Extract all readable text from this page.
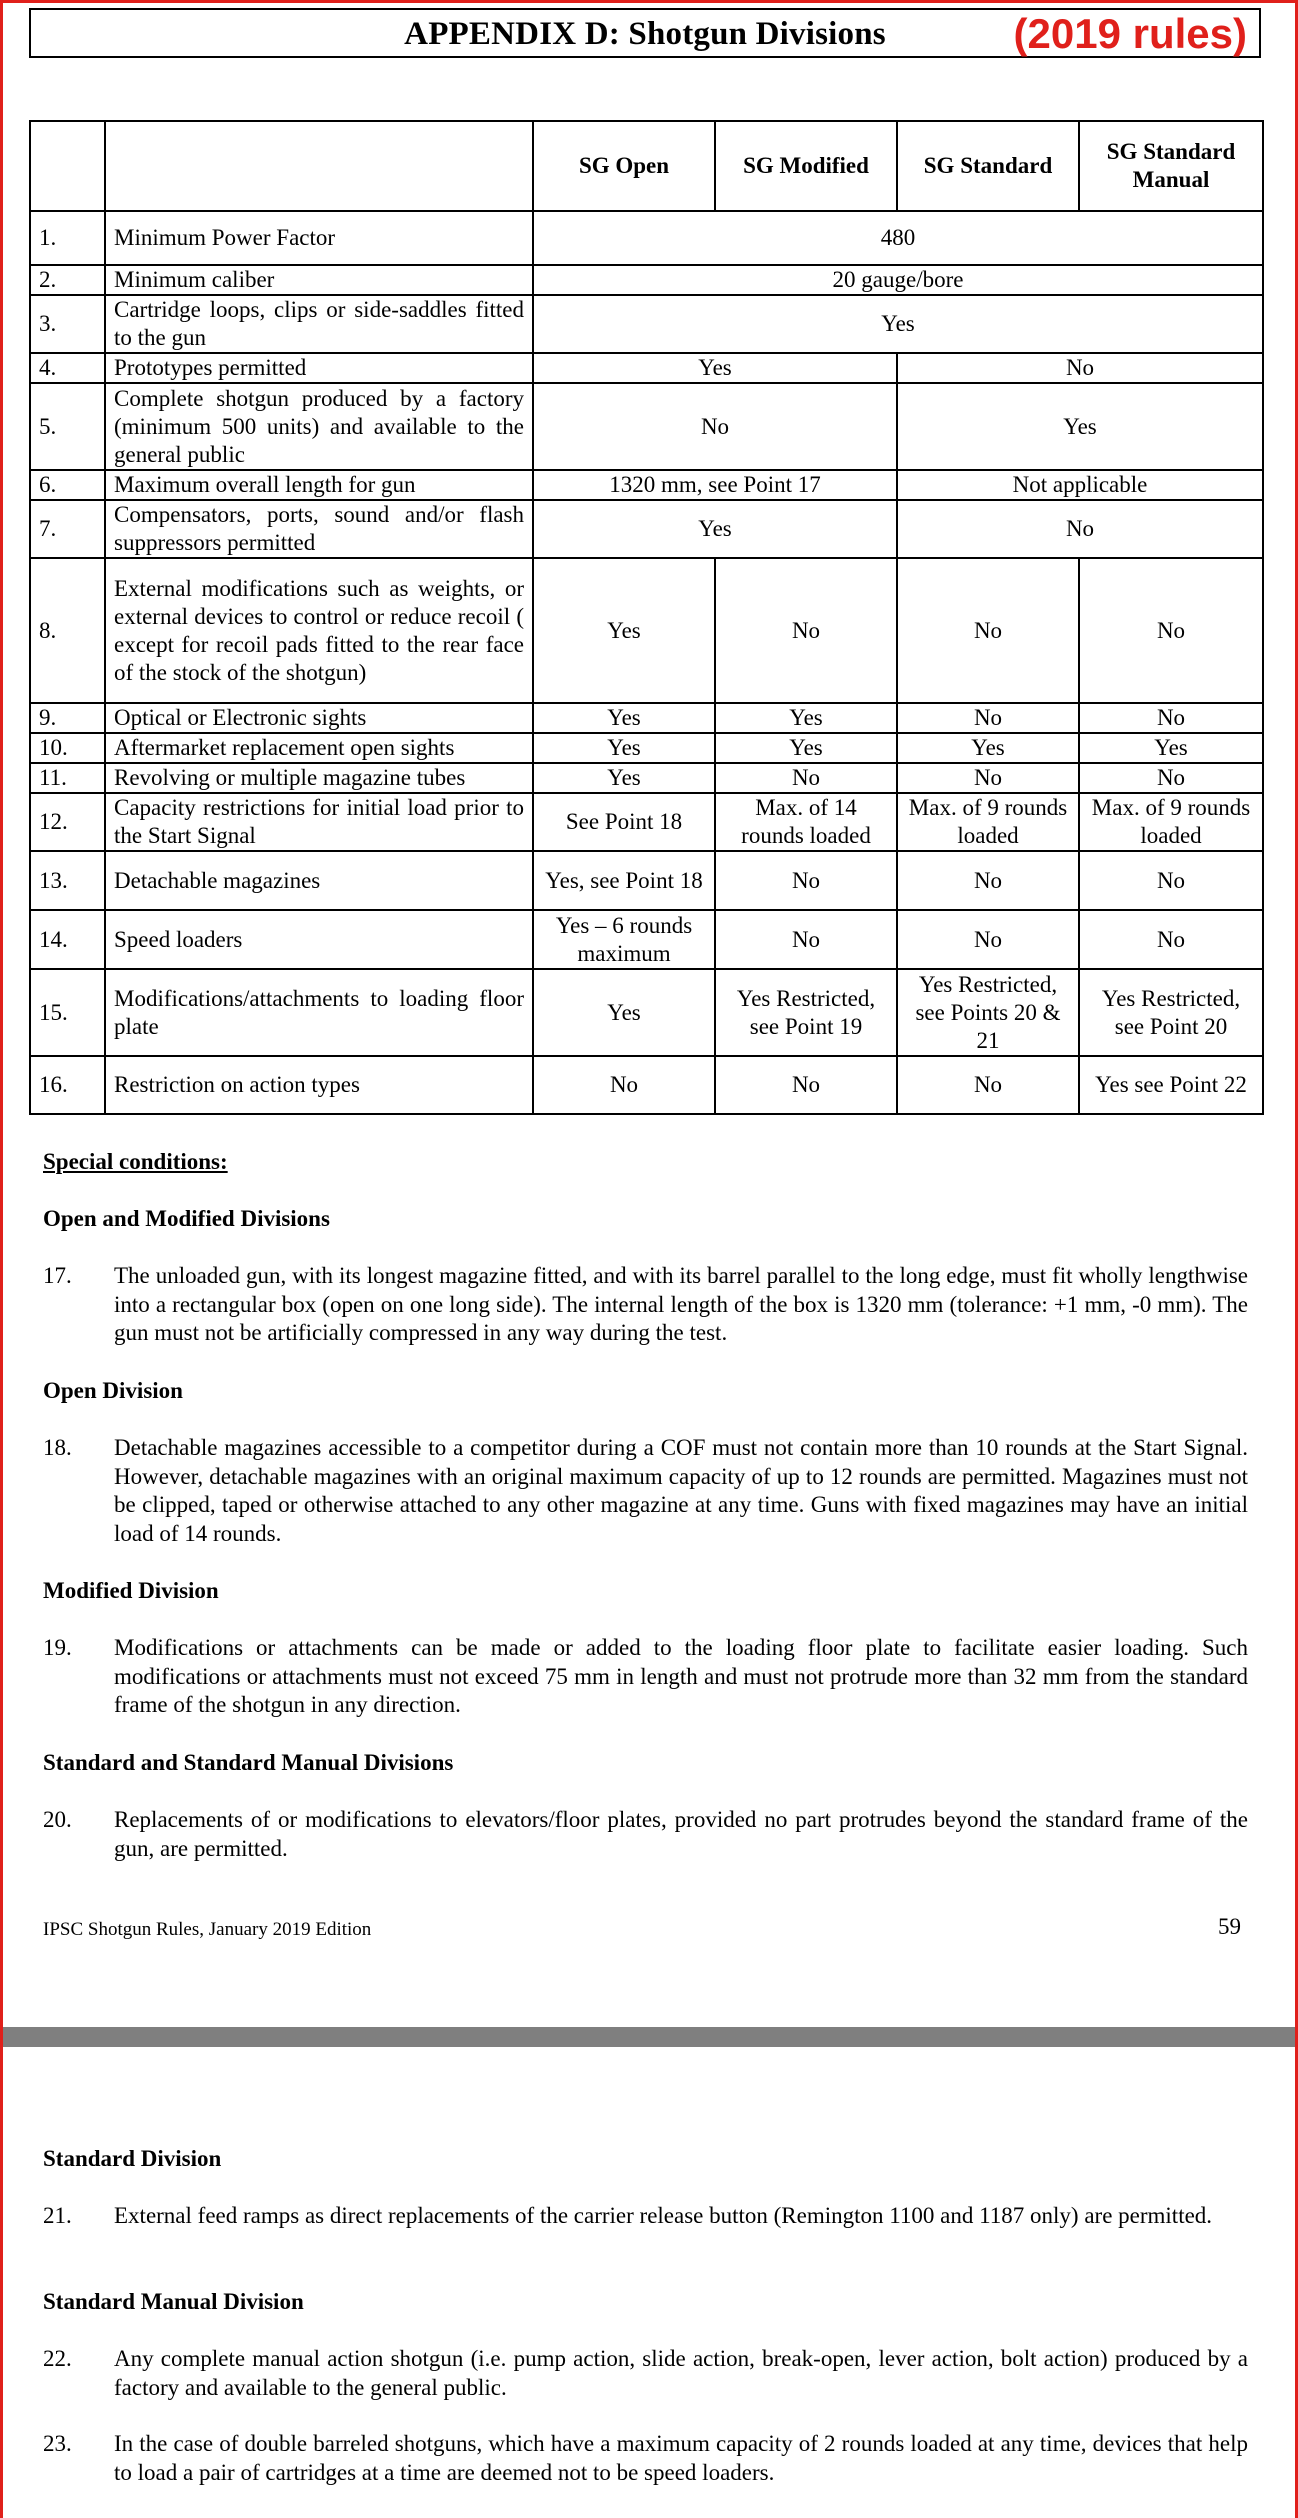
APPENDIX D: Shotgun Divisions	(2019 rules)
		SG Open	SG Modified	SG Standard	SG Standard Manual
1.	Minimum Power Factor	480			
2.	Minimum caliber	20 gauge/bore			
3.	Cartridge loops, clips or side-saddles fitted to the gun	Yes			
4.	Prototypes permitted	Yes		No	
5.	Complete shotgun produced by a factory (minimum 500 units) and available to the general public	No		Yes	
6.	Maximum overall length for gun	1320 mm, see Point 17		Not applicable	
7.	Compensators, ports, sound and/or flash suppressors permitted	Yes		No	
8.	External modifications such as weights, or external devices to control or reduce recoil ( except for recoil pads fitted to the rear face of the stock of the shotgun)	Yes	No	No	No
9.	Optical or Electronic sights	Yes	Yes	No	No
10.	Aftermarket replacement open sights	Yes	Yes	Yes	Yes
11.	Revolving or multiple magazine tubes	Yes	No	No	No
12.	Capacity restrictions for initial load prior to the Start Signal	See Point 18	Max. of 14 rounds loaded	Max. of 9 rounds loaded	Max. of 9 rounds loaded
13.	Detachable magazines	Yes, see Point 18	No	No	No
14.	Speed loaders	Yes – 6 rounds maximum	No	No	No
15.	Modifications/attachments to loading floor plate	Yes	Yes Restricted, see Point 19	Yes Restricted, see Points 20 & 21	Yes Restricted, see Point 20
16.	Restriction on action types	No	No	No	Yes see Point 22
Special conditions:
Open and Modified Divisions
17. The unloaded gun, with its longest magazine fitted, and with its barrel parallel to the long edge, must fit wholly lengthwise into a rectangular box (open on one long side). The internal length of the box is 1320 mm (tolerance: +1 mm, -0 mm). The gun must not be artificially compressed in any way during the test.
Open Division
18. Detachable magazines accessible to a competitor during a COF must not contain more than 10 rounds at the Start Signal. However, detachable magazines with an original maximum capacity of up to 12 rounds are permitted. Magazines must not be clipped, taped or otherwise attached to any other magazine at any time. Guns with fixed magazines may have an initial load of 14 rounds.
Modified Division
19. Modifications or attachments can be made or added to the loading floor plate to facilitate easier loading. Such modifications or attachments must not exceed 75 mm in length and must not protrude more than 32 mm from the standard frame of the shotgun in any direction.
Standard and Standard Manual Divisions
20. Replacements of or modifications to elevators/floor plates, provided no part protrudes beyond the standard frame of the gun, are permitted.
IPSC Shotgun Rules, January 2019 Edition	59
Standard Division
21. External feed ramps as direct replacements of the carrier release button (Remington 1100 and 1187 only) are permitted.
Standard Manual Division
22. Any complete manual action shotgun (i.e. pump action, slide action, break-open, lever action, bolt action) produced by a factory and available to the general public.
23. In the case of double barreled shotguns, which have a maximum capacity of 2 rounds loaded at any time, devices that help to load a pair of cartridges at a time are deemed not to be speed loaders.
